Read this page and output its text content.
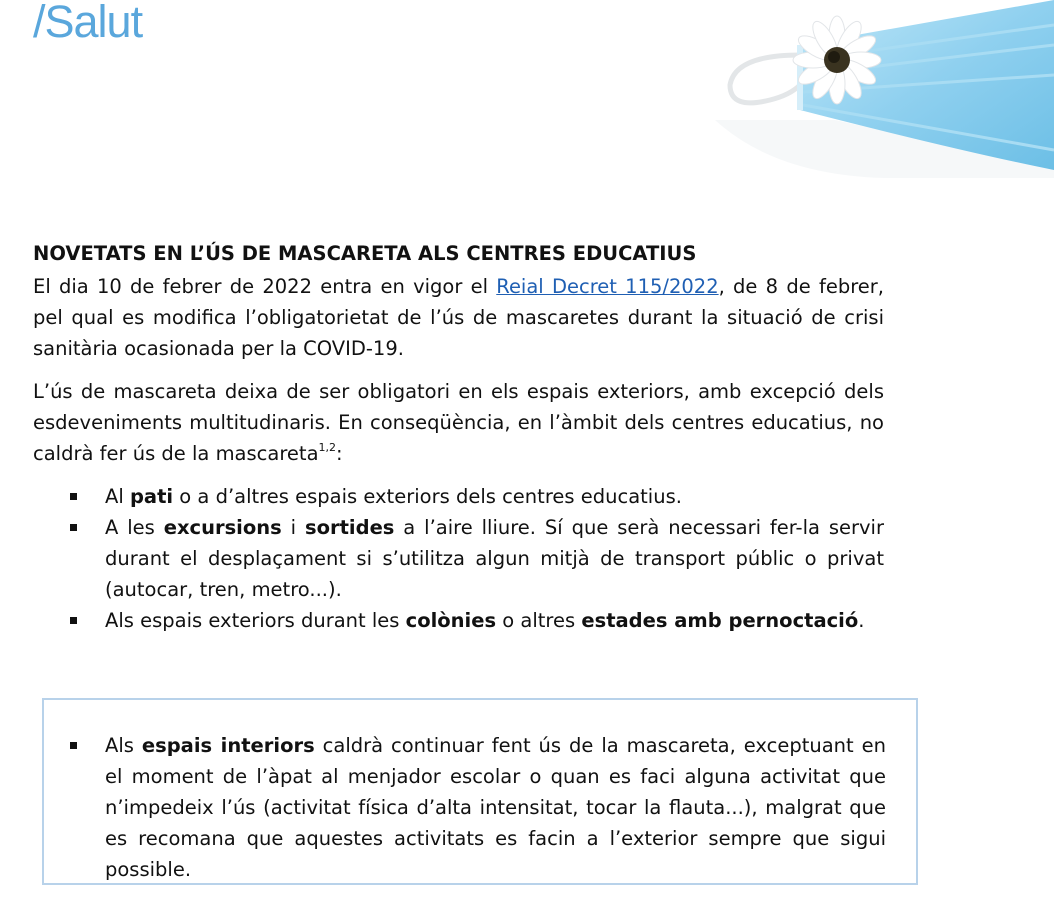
/Salut
NOVETATS EN L’ÚS DE MASCARETA ALS CENTRES EDUCATIUS

El dia 10 de febrer de 2022 entra en vigor el Reial Decret 115/2022, de 8 de febrer, pel qual es modifica l’obligatorietat de l’ús de mascaretes durant la situació de crisi sanitària ocasionada per la COVID-19.

L’ús de mascareta deixa de ser obligatori en els espais exteriors, amb excepció dels esdeveniments multitudinaris. En conseqüència, en l’àmbit dels centres educatius, no caldrà fer ús de la mascareta$^{1,2}$:

Al pati o a d’altres espais exteriors dels centres educatius.
A les excursions i sortides a l’aire lliure. Sí que serà necessari fer-la servir durant el desplaçament si s’utilitza algun mitjà de transport públic o privat (autocar, tren, metro...).
Als espais exteriors durant les colònies o altres estades amb pernoctació.
Als espais interiors caldrà continuar fent ús de la mascareta, exceptuant en el moment de l’àpat al menjador escolar o quan es faci alguna activitat que n’impedeix l’ús (activitat física d’alta intensitat, tocar la flauta...), malgrat que es recomana que aquestes activitats es facin a l’exterior sempre que sigui possible.
